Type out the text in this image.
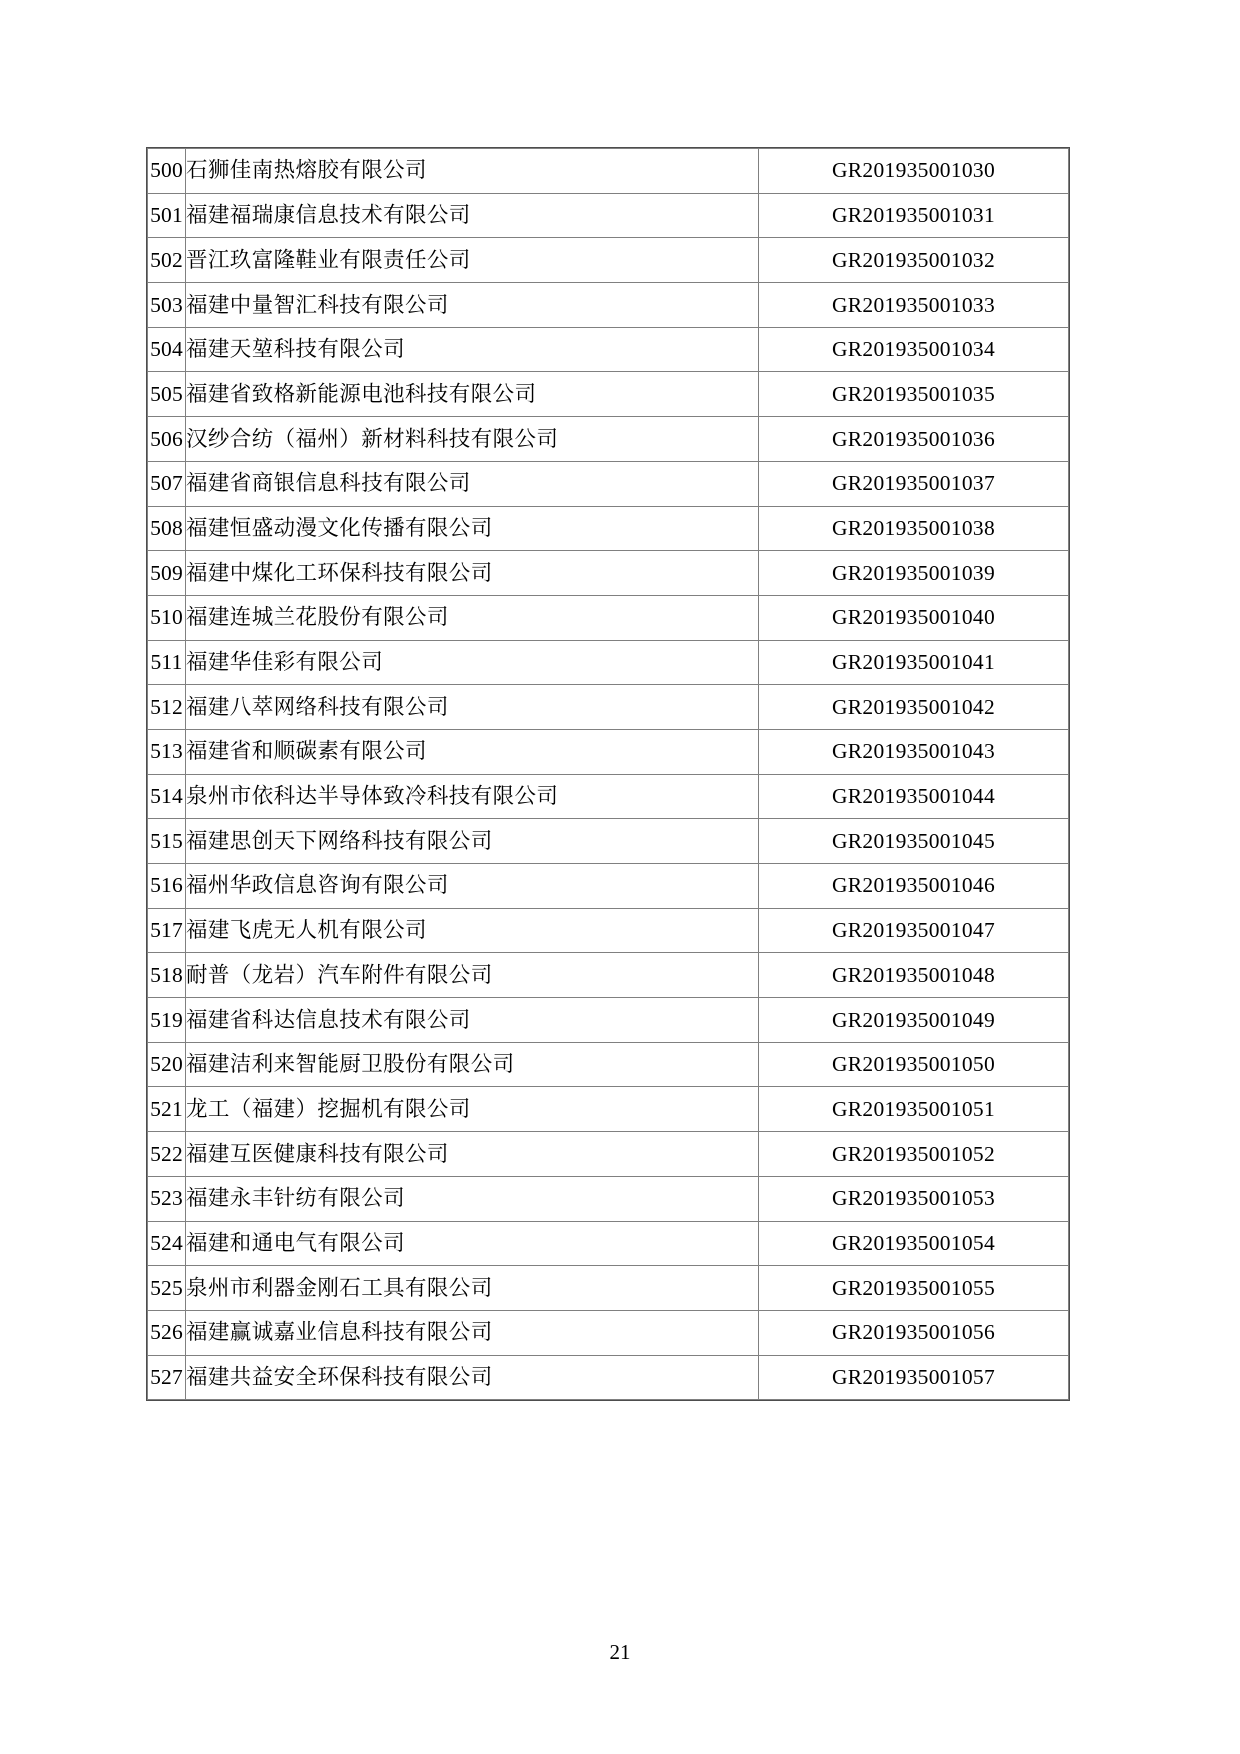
500	石狮佳南热熔胶有限公司	GR201935001030
501	福建福瑞康信息技术有限公司	GR201935001031
502	晋江玖富隆鞋业有限责任公司	GR201935001032
503	福建中量智汇科技有限公司	GR201935001033
504	福建天堃科技有限公司	GR201935001034
505	福建省致格新能源电池科技有限公司	GR201935001035
506	汉纱合纺（福州）新材料科技有限公司	GR201935001036
507	福建省商银信息科技有限公司	GR201935001037
508	福建恒盛动漫文化传播有限公司	GR201935001038
509	福建中煤化工环保科技有限公司	GR201935001039
510	福建连城兰花股份有限公司	GR201935001040
511	福建华佳彩有限公司	GR201935001041
512	福建八萃网络科技有限公司	GR201935001042
513	福建省和顺碳素有限公司	GR201935001043
514	泉州市依科达半导体致冷科技有限公司	GR201935001044
515	福建思创天下网络科技有限公司	GR201935001045
516	福州华政信息咨询有限公司	GR201935001046
517	福建飞虎无人机有限公司	GR201935001047
518	耐普（龙岩）汽车附件有限公司	GR201935001048
519	福建省科达信息技术有限公司	GR201935001049
520	福建洁利来智能厨卫股份有限公司	GR201935001050
521	龙工（福建）挖掘机有限公司	GR201935001051
522	福建互医健康科技有限公司	GR201935001052
523	福建永丰针纺有限公司	GR201935001053
524	福建和通电气有限公司	GR201935001054
525	泉州市利器金刚石工具有限公司	GR201935001055
526	福建赢诚嘉业信息科技有限公司	GR201935001056
527	福建共益安全环保科技有限公司	GR201935001057
21
